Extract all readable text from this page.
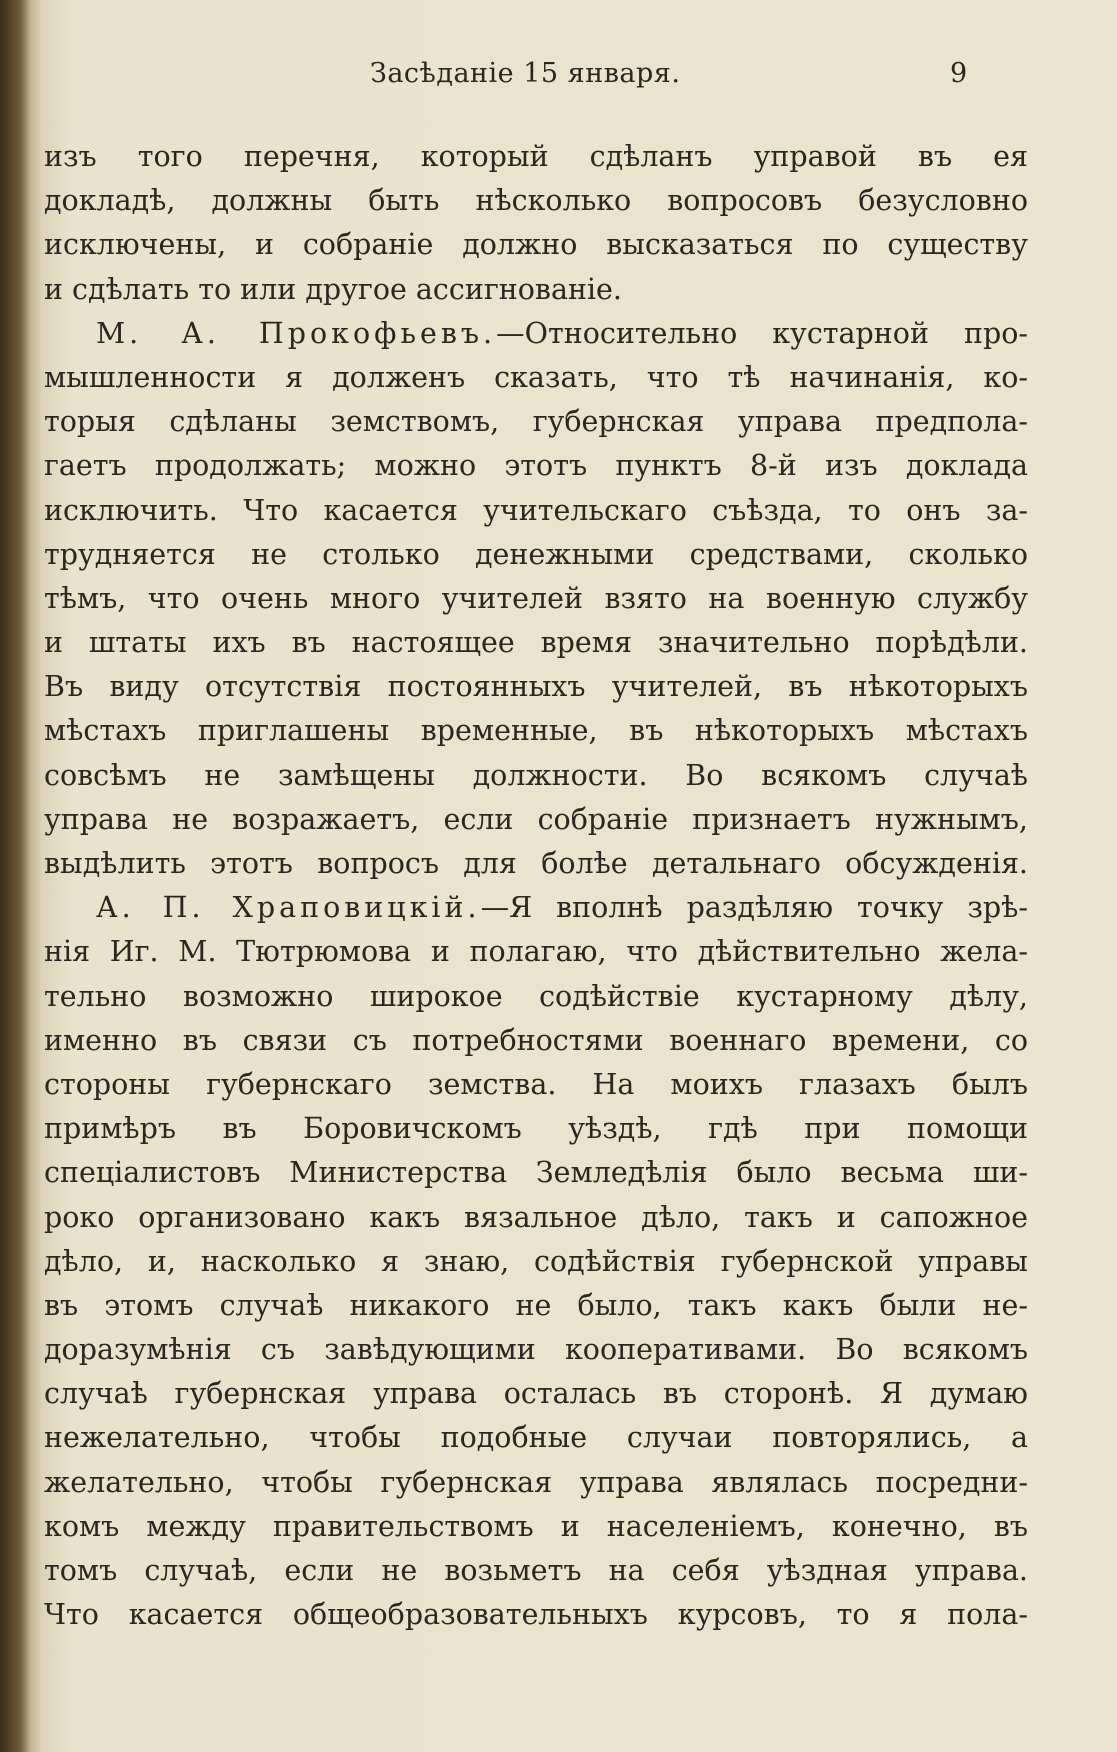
Засѣданіе 15 января.	9
изъ того перечня, который сдѣланъ управой въ ея
докладѣ, должны быть нѣсколько вопросовъ безусловно
исключены, и собраніе должно высказаться по существу
и сдѣлать то или другое ассигнованіе.
М. А. Прокофьевъ.—Относительно кустарной про-
мышленности я долженъ сказать, что тѣ начинанія, ко-
торыя сдѣланы земствомъ, губернская управа предпола-
гаетъ продолжать; можно этотъ пунктъ 8-й изъ доклада
исключить. Что касается учительскаго съѣзда, то онъ за-
трудняется не столько денежными средствами, сколько
тѣмъ, что очень много учителей взято на военную службу
и штаты ихъ въ настоящее время значительно порѣдѣли.
Въ виду отсутствія постоянныхъ учителей, въ нѣкоторыхъ
мѣстахъ приглашены временные, въ нѣкоторыхъ мѣстахъ
совсѣмъ не замѣщены должности. Во всякомъ случаѣ
управа не возражаетъ, если собраніе признаетъ нужнымъ,
выдѣлить этотъ вопросъ для болѣе детальнаго обсужденія.
А. П. Храповицкій.—Я вполнѣ раздѣляю точку зрѣ-
нія Иг. М. Тютрюмова и полагаю, что дѣйствительно жела-
тельно возможно широкое содѣйствіе кустарному дѣлу,
именно въ связи съ потребностями военнаго времени, со
стороны губернскаго земства. На моихъ глазахъ былъ
примѣръ въ Боровичскомъ уѣздѣ, гдѣ при помощи
спеціалистовъ Министерства Земледѣлія было весьма ши-
роко организовано какъ вязальное дѣло, такъ и сапожное
дѣло, и, насколько я знаю, содѣйствія губернской управы
въ этомъ случаѣ никакого не было, такъ какъ были не-
доразумѣнія съ завѣдующими кооперативами. Во всякомъ
случаѣ губернская управа осталась въ сторонѣ. Я думаю
нежелательно, чтобы подобные случаи повторялись, а
желательно, чтобы губернская управа являлась посредни-
комъ между правительствомъ и населеніемъ, конечно, въ
томъ случаѣ, если не возьметъ на себя уѣздная управа.
Что касается общеобразовательныхъ курсовъ, то я пола-
